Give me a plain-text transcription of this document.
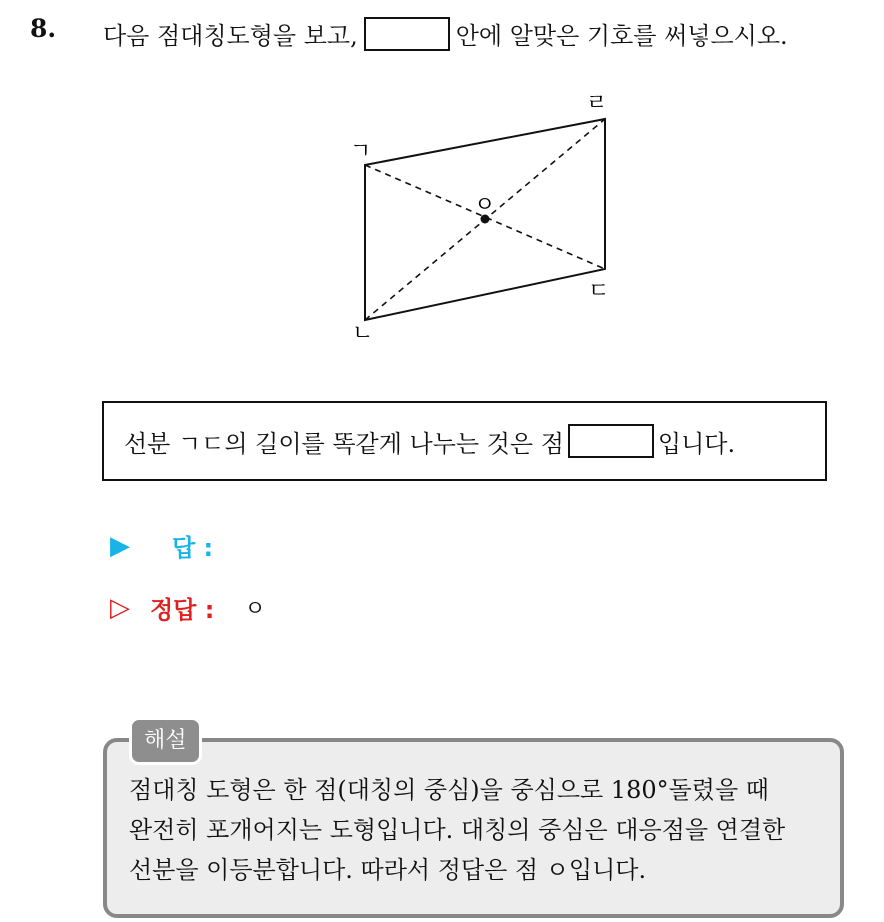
8. 다음 점대칭도형을 보고,	안에 알맞은 기호를 써넣으시오.
ㄱ
ㄴ
ㄷ
ㄹ
ㅇ
선분 ㄱㄷ의 길이를 똑같게 나누는 것은 점	입니다.
▶	답 :
▷ 정답 : ㅇ
점대칭 도형은 한 점(대칭의 중심)을 중심으로 180°돌렸을 때
완전히 포개어지는 도형입니다. 대칭의 중심은 대응점을 연결한
선분을 이등분합니다. 따라서 정답은 점 ㅇ입니다.
해설
